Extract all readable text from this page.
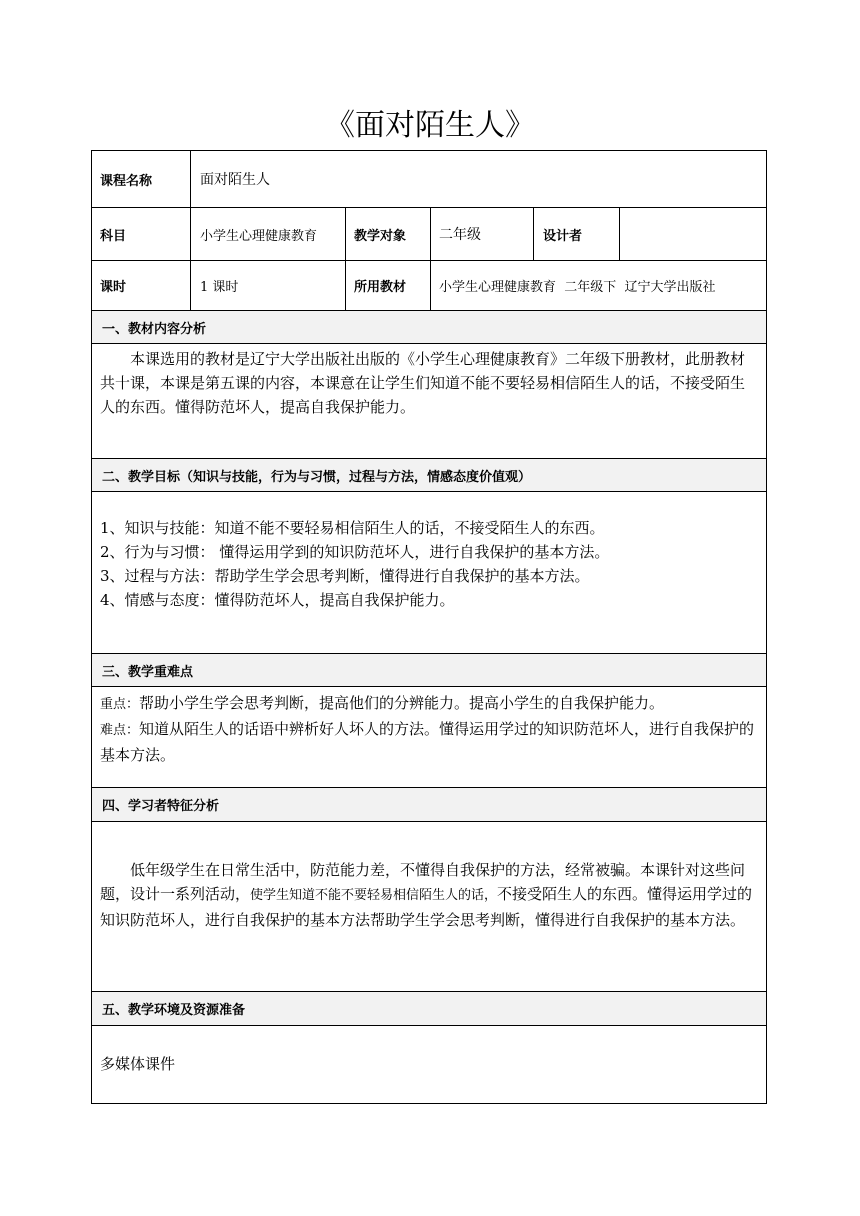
《面对陌生人》
课程名称	面对陌生人
科目	小学生心理健康教育	教学对象	二年级	设计者
课时	1 课时	所用教材	小学生心理健康教育  二年级下  辽宁大学出版社
一、教材内容分析

本课选用的教材是辽宁大学出版社出版的《小学生心理健康教育》二年级下册教材，此册教材共十课，本课是第五课的内容，本课意在让学生们知道不能不要轻易相信陌生人的话，不接受陌生人的东西。懂得防范坏人，提高自我保护能力。

二、教学目标（知识与技能，行为与习惯，过程与方法，情感态度价值观）

1、知识与技能：知道不能不要轻易相信陌生人的话，不接受陌生人的东西。

2、行为与习惯： 懂得运用学到的知识防范坏人，进行自我保护的基本方法。

3、过程与方法：帮助学生学会思考判断，懂得进行自我保护的基本方法。

4、情感与态度：懂得防范坏人，提高自我保护能力。

三、教学重难点

重点：帮助小学生学会思考判断，提高他们的分辨能力。提高小学生的自我保护能力。

难点：知道从陌生人的话语中辨析好人坏人的方法。懂得运用学过的知识防范坏人，进行自我保护的基本方法。

四、学习者特征分析

低年级学生在日常生活中，防范能力差，不懂得自我保护的方法，经常被骗。本课针对这些问题，设计一系列活动，使学生知道不能不要轻易相信陌生人的话，不接受陌生人的东西。懂得运用学过的知识防范坏人，进行自我保护的基本方法帮助学生学会思考判断，懂得进行自我保护的基本方法。

五、教学环境及资源准备

多媒体课件
